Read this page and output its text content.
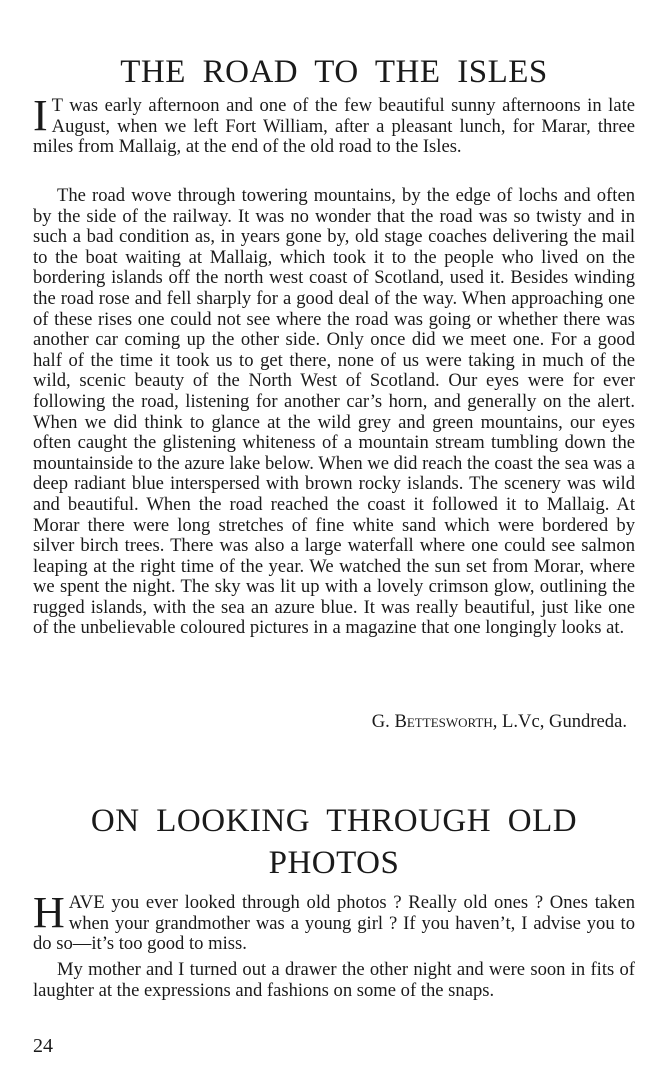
THE ROAD TO THE ISLES

I T was early afternoon and one of the few beautiful sunny afternoons in late August, when we left Fort William, after a pleasant lunch, for Marar, three miles from Mallaig, at the end of the old road to the Isles.

The road wove through towering mountains, by the edge of lochs and often by the side of the railway. It was no wonder that the road was so twisty and in such a bad condition as, in years gone by, old stage coaches delivering the mail to the boat waiting at Mallaig, which took it to the people who lived on the bordering islands off the north west coast of Scotland, used it. Besides winding the road rose and fell sharply for a good deal of the way. When approaching one of these rises one could not see where the road was going or whether there was another car coming up the other side. Only once did we meet one. For a good half of the time it took us to get there, none of us were taking in much of the wild, scenic beauty of the North West of Scotland. Our eyes were for ever following the road, listening for another car’s horn, and generally on the alert. When we did think to glance at the wild grey and green mountains, our eyes often caught the glistening whiteness of a mountain stream tumbling down the mountainside to the azure lake below. When we did reach the coast the sea was a deep radiant blue interspersed with brown rocky islands. The scenery was wild and beautiful. When the road reached the coast it followed it to Mallaig. At Morar there were long stretches of fine white sand which were bordered by silver birch trees. There was also a large waterfall where one could see salmon leaping at the right time of the year. We watched the sun set from Morar, where we spent the night. The sky was lit up with a lovely crimson glow, outlining the rugged islands, with the sea an azure blue. It was really beautiful, just like one of the unbelievable coloured pictures in a magazine that one longingly looks at.

G. Bettesworth, L.Vc, Gundreda.
ON LOOKING THROUGH OLD
PHOTOS

HAVE you ever looked through old photos ? Really old ones ? Ones taken when your grandmother was a young girl ? If you haven’t, I advise you to do so—it’s too good to miss.

My mother and I turned out a drawer the other night and were soon in fits of laughter at the expressions and fashions on some of the snaps.

24
